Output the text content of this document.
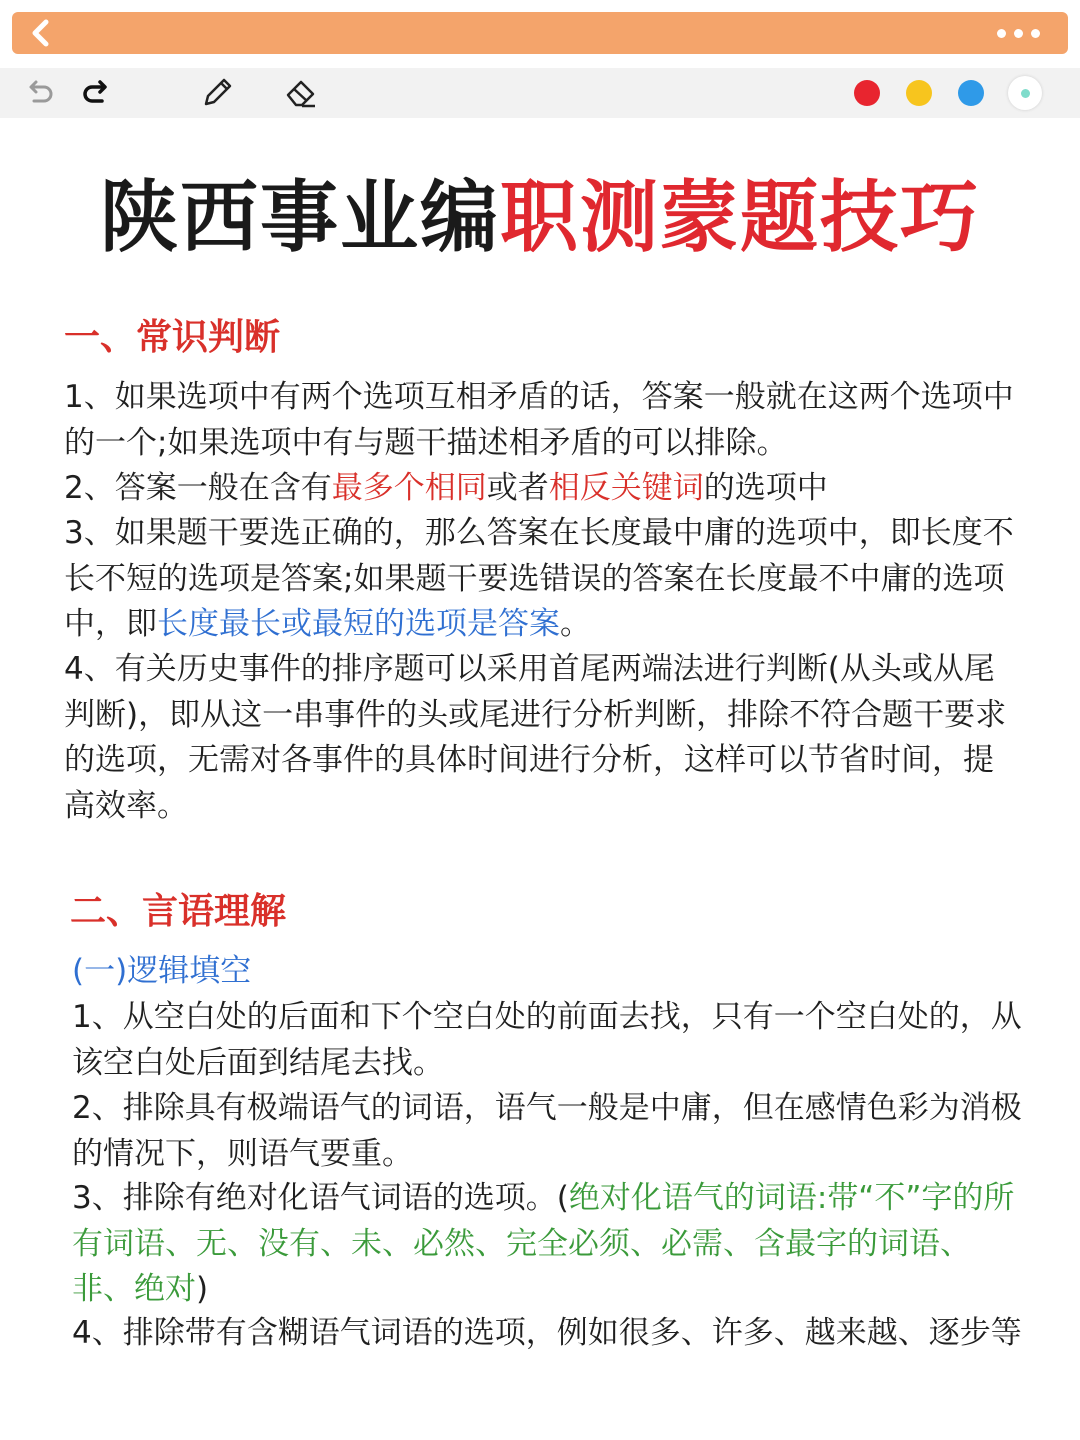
陕西事业编职测蒙题技巧
一、常识判断
1、如果选项中有两个选项互相矛盾的话，答案一般就在这两个选项中的一个;如果选项中有与题干描述相矛盾的可以排除。
2、答案一般在含有最多个相同或者相反关键词的选项中
3、如果题干要选正确的，那么答案在长度最中庸的选项中，即长度不长不短的选项是答案;如果题干要选错误的答案在长度最不中庸的选项中，即长度最长或最短的选项是答案。
4、有关历史事件的排序题可以采用首尾两端法进行判断(从头或从尾判断)，即从这一串事件的头或尾进行分析判断，排除不符合题干要求的选项，无需对各事件的具体时间进行分析，这样可以节省时间，提高效率。
二、言语理解
(一)逻辑填空
1、从空白处的后面和下个空白处的前面去找，只有一个空白处的，从该空白处后面到结尾去找。
2、排除具有极端语气的词语，语气一般是中庸，但在感情色彩为消极的情况下，则语气要重。
3、排除有绝对化语气词语的选项。(绝对化语气的词语:带“不”字的所有词语、无、没有、未、必然、完全必须、必需、含最字的词语、非、绝对)
4、排除带有含糊语气词语的选项，例如很多、许多、越来越、逐步等
